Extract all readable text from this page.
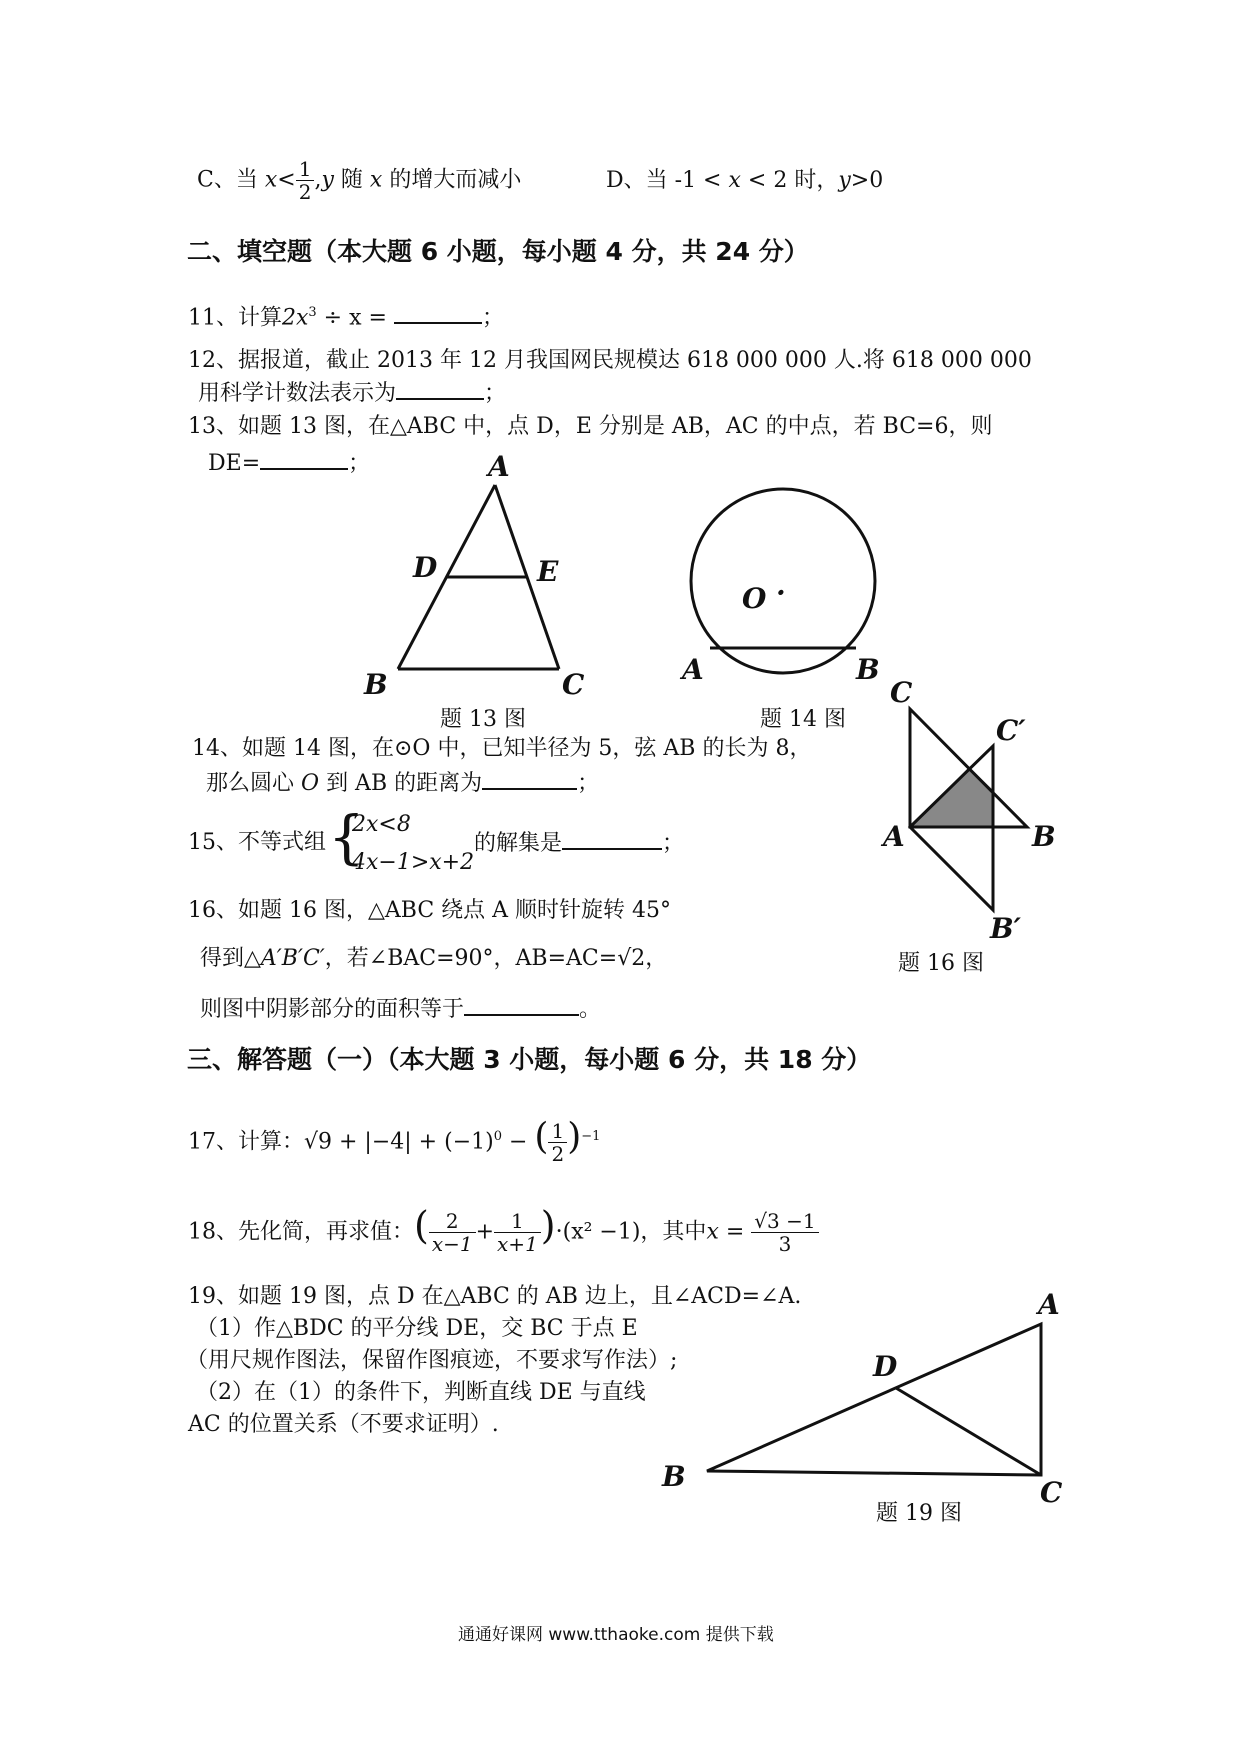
C、当 $x< \frac{1}{2} ,y$ 随 x 的增大而减小	D、当 -1 < x < 2 时，y>0
二、填空题（本大题 6 小题，每小题 4 分，共 24 分）
11、计算$2x^3 \div x$ =	；
12、据报道，截止 2013 年 12 月我国网民规模达 618 000 000 人.将 618 000 000
用科学计数法表示为	；
13、如题 13 图，在△ABC 中，点 D，E 分别是 AB，AC 的中点，若 BC=6，则
DE=	；	A
D	E
B	C
题 13 图
O ·
A	B
题 14 图
C
C′
A	B
B′
题 16 图
14、如题 14 图，在⊙O 中，已知半径为 5，弦 AB 的长为 8，
那么圆心 O 到 AB 的距离为	；
15、不等式组 {
2x<8
4x−1>x+2
的解集是	；
16、如题 16 图，△ABC 绕点 A 顺时针旋转 45°
得到△A′B′C′，若∠BAC=90°，AB=AC=√2，
则图中阴影部分的面积等于	。
三、解答题（一）（本大题 3 小题，每小题 6 分，共 18 分）
17、计算：$√9 + |-4| + (-1)^0$ − ( $\frac{1}{2} )^{-1}$
18、先化简，再求值：( $\frac{2}{x-1} + \frac{1}{x+1} )\cdot(x^2 -1)$，其中$x = \frac{√3 -1}{3}$
19、如题 19 图，点 D 在△ABC 的 AB 边上，且∠ACD=∠A.
（1）作△BDC 的平分线 DE，交 BC 于点 E
（用尺规作图法，保留作图痕迹，不要求写作法）;
（2）在（1）的条件下，判断直线 DE 与直线
AC 的位置关系（不要求证明）.
A
D
B	C
题 19 图
通通好课网 www.tthaoke.com 提供下载
